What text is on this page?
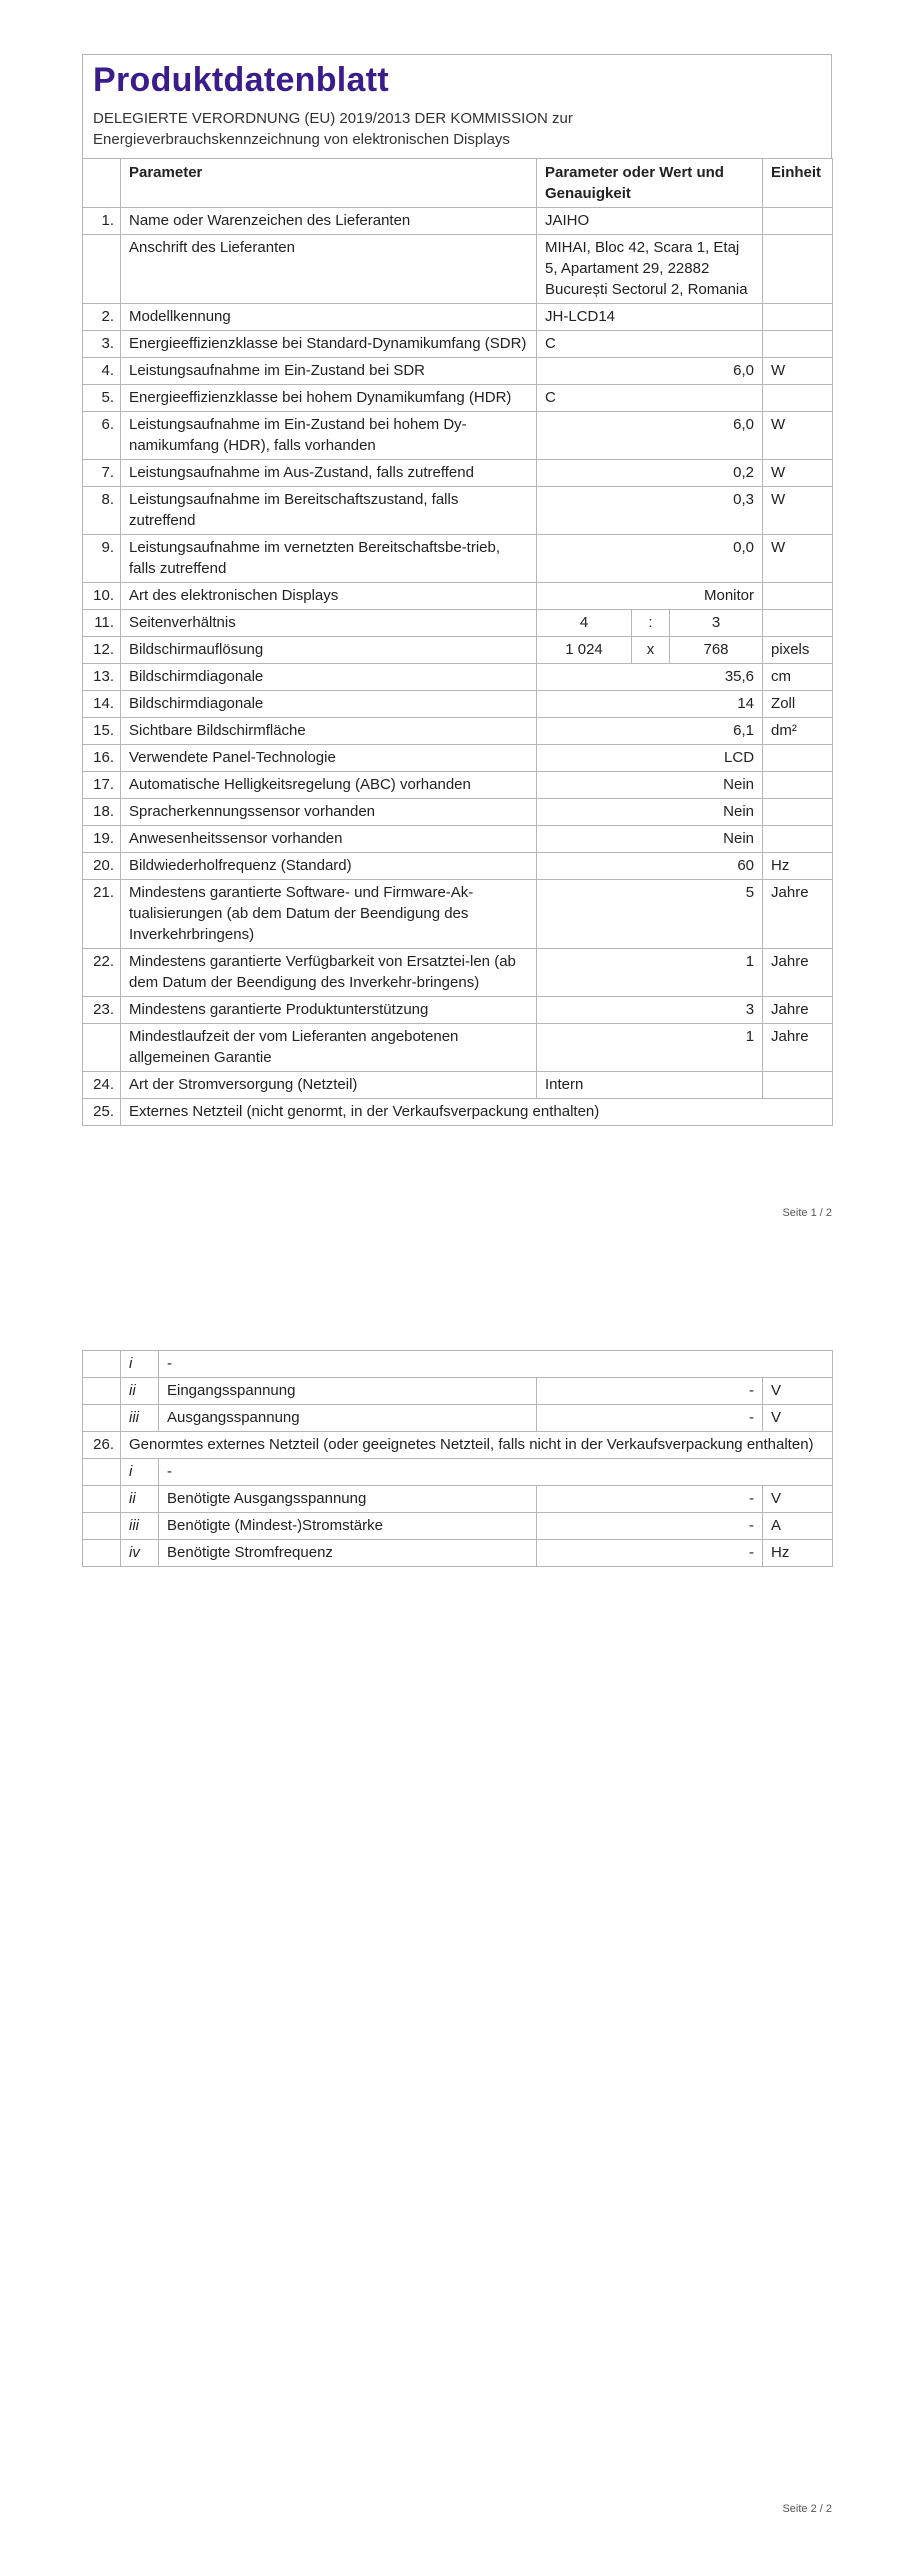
Produktdatenblatt
DELEGIERTE VERORDNUNG (EU) 2019/2013 DER KOMMISSION zur
Energieverbrauchskennzeichnung von elektronischen Displays
	Parameter	Parameter oder Wert und Genauigkeit			Einheit
1.	Name oder Warenzeichen des Lieferanten	JAIHO			
	Anschrift des Lieferanten	MIHAI, Bloc 42, Scara 1, Etaj 5, Apartament 29, 22882 București Sectorul 2, Romania			
2.	Modellkennung	JH-LCD14			
3.	Energieeffizienzklasse bei Standard-Dynamikumfang (SDR)	C			
4.	Leistungsaufnahme im Ein-Zustand bei SDR	6,0			W
5.	Energieeffizienzklasse bei hohem Dynamikumfang (HDR)	C			
6.	Leistungsaufnahme im Ein-Zustand bei hohem Dy-namikumfang (HDR), falls vorhanden	6,0			W
7.	Leistungsaufnahme im Aus-Zustand, falls zutreffend	0,2			W
8.	Leistungsaufnahme im Bereitschaftszustand, falls zutreffend	0,3			W
9.	Leistungsaufnahme im vernetzten Bereitschaftsbe-trieb, falls zutreffend	0,0			W
10.	Art des elektronischen Displays	Monitor			
11.	Seitenverhältnis	4	:	3	
12.	Bildschirmauflösung	1 024	x	768	pixels
13.	Bildschirmdiagonale	35,6			cm
14.	Bildschirmdiagonale	14			Zoll
15.	Sichtbare Bildschirmfläche	6,1			dm²
16.	Verwendete Panel-Technologie	LCD			
17.	Automatische Helligkeitsregelung (ABC) vorhanden	Nein			
18.	Spracherkennungssensor vorhanden	Nein			
19.	Anwesenheitssensor vorhanden	Nein			
20.	Bildwiederholfrequenz (Standard)	60			Hz
21.	Mindestens garantierte Software- und Firmware-Ak-tualisierungen (ab dem Datum der Beendigung des Inverkehrbringens)	5			Jahre
22.	Mindestens garantierte Verfügbarkeit von Ersatztei-len (ab dem Datum der Beendigung des Inverkehr-bringens)	1			Jahre
23.	Mindestens garantierte Produktunterstützung	3			Jahre
	Mindestlaufzeit der vom Lieferanten angebotenen allgemeinen Garantie	1			Jahre
24.	Art der Stromversorgung (Netzteil)	Intern			
25.	Externes Netzteil (nicht genormt, in der Verkaufsverpackung enthalten)				
Seite 1 / 2
	i	-		
	ii	Eingangsspannung	-	V
	iii	Ausgangsspannung	-	V
26.	Genormtes externes Netzteil (oder geeignetes Netzteil, falls nicht in der Verkaufsverpackung enthalten)			
	i	-		
	ii	Benötigte Ausgangsspannung	-	V
	iii	Benötigte (Mindest-)Stromstärke	-	A
	iv	Benötigte Stromfrequenz	-	Hz
Seite 2 / 2
